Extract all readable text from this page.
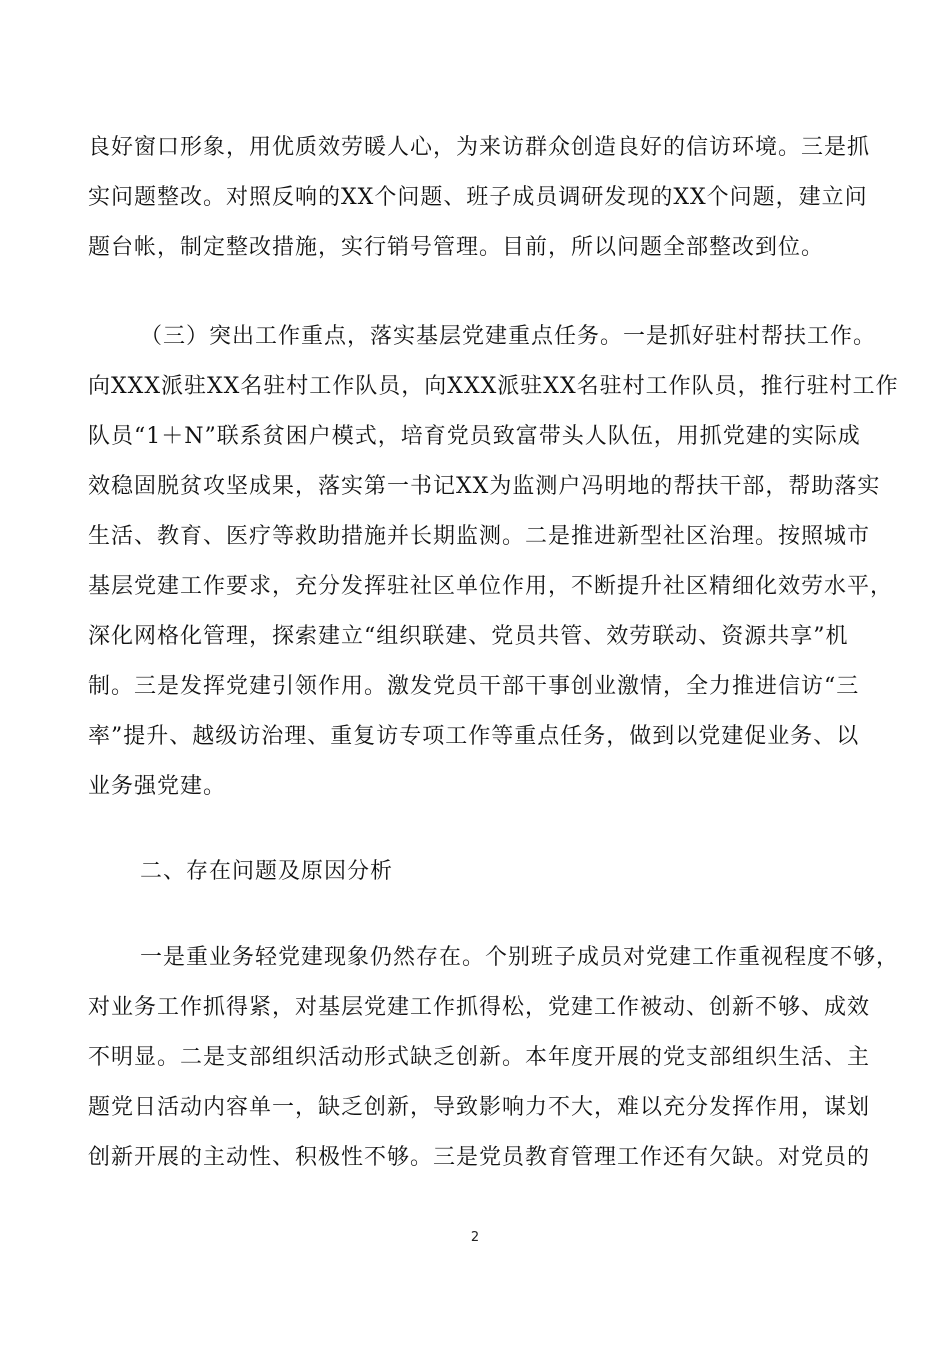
良好窗口形象，用优质效劳暖人心，为来访群众创造良好的信访环境。三是抓
实问题整改。对照反响的XX个问题、班子成员调研发现的XX个问题，建立问
题台帐，制定整改措施，实行销号管理。目前，所以问题全部整改到位。
（三）突出工作重点，落实基层党建重点任务。一是抓好驻村帮扶工作。
向XXX派驻XX名驻村工作队员，向XXX派驻XX名驻村工作队员，推行驻村工作
队员“1＋N”联系贫困户模式，培育党员致富带头人队伍，用抓党建的实际成
效稳固脱贫攻坚成果，落实第一书记XX为监测户冯明地的帮扶干部，帮助落实
生活、教育、医疗等救助措施并长期监测。二是推进新型社区治理。按照城市
基层党建工作要求，充分发挥驻社区单位作用，不断提升社区精细化效劳水平，
深化网格化管理，探索建立“组织联建、党员共管、效劳联动、资源共享”机
制。三是发挥党建引领作用。激发党员干部干事创业激情，全力推进信访“三
率”提升、越级访治理、重复访专项工作等重点任务，做到以党建促业务、以
业务强党建。
二、存在问题及原因分析
一是重业务轻党建现象仍然存在。个别班子成员对党建工作重视程度不够，
对业务工作抓得紧，对基层党建工作抓得松，党建工作被动、创新不够、成效
不明显。二是支部组织活动形式缺乏创新。本年度开展的党支部组织生活、主
题党日活动内容单一，缺乏创新，导致影响力不大，难以充分发挥作用，谋划
创新开展的主动性、积极性不够。三是党员教育管理工作还有欠缺。对党员的
2
